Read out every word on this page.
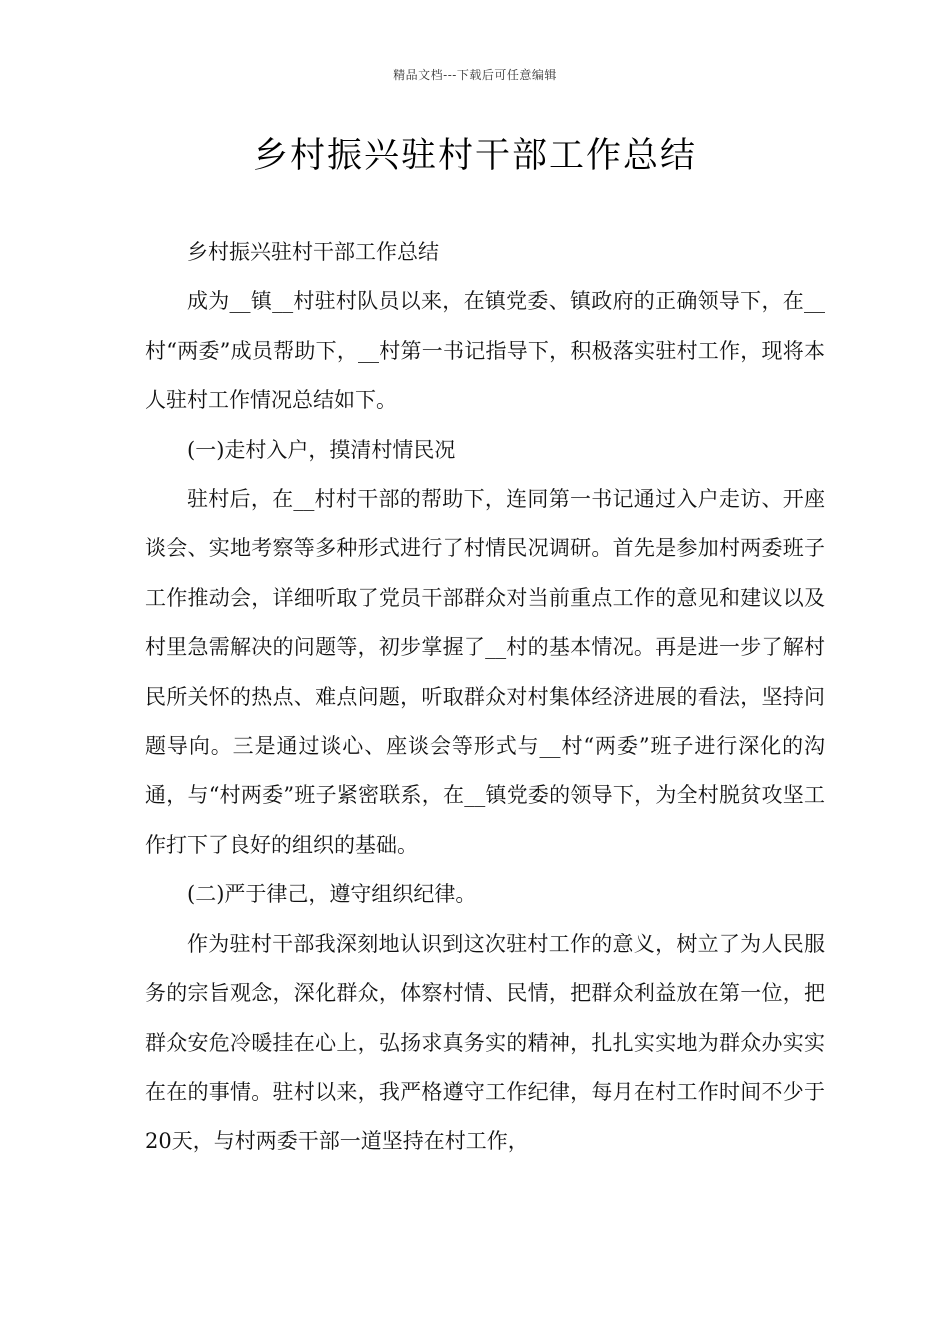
精品文档---下载后可任意编辑
乡村振兴驻村干部工作总结

乡村振兴驻村干部工作总结

成为__镇__村驻村队员以来，在镇党委、镇政府的正确领导下，在__村“两委”成员帮助下，__村第一书记指导下，积极落实驻村工作，现将本人驻村工作情况总结如下。

(一)走村入户，摸清村情民况

驻村后，在__村村干部的帮助下，连同第一书记通过入户走访、开座谈会、实地考察等多种形式进行了村情民况调研。首先是参加村两委班子工作推动会，详细听取了党员干部群众对当前重点工作的意见和建议以及村里急需解决的问题等，初步掌握了__村的基本情况。再是进一步了解村民所关怀的热点、难点问题，听取群众对村集体经济进展的看法，坚持问题导向。三是通过谈心、座谈会等形式与__村“两委”班子进行深化的沟通，与“村两委”班子紧密联系，在__镇党委的领导下，为全村脱贫攻坚工作打下了良好的组织的基础。

(二)严于律己，遵守组织纪律。

作为驻村干部我深刻地认识到这次驻村工作的意义，树立了为人民服务的宗旨观念，深化群众，体察村情、民情，把群众利益放在第一位，把群众安危冷暖挂在心上，弘扬求真务实的精神，扎扎实实地为群众办实实在在的事情。驻村以来，我严格遵守工作纪律，每月在村工作时间不少于20天，与村两委干部一道坚持在村工作，
